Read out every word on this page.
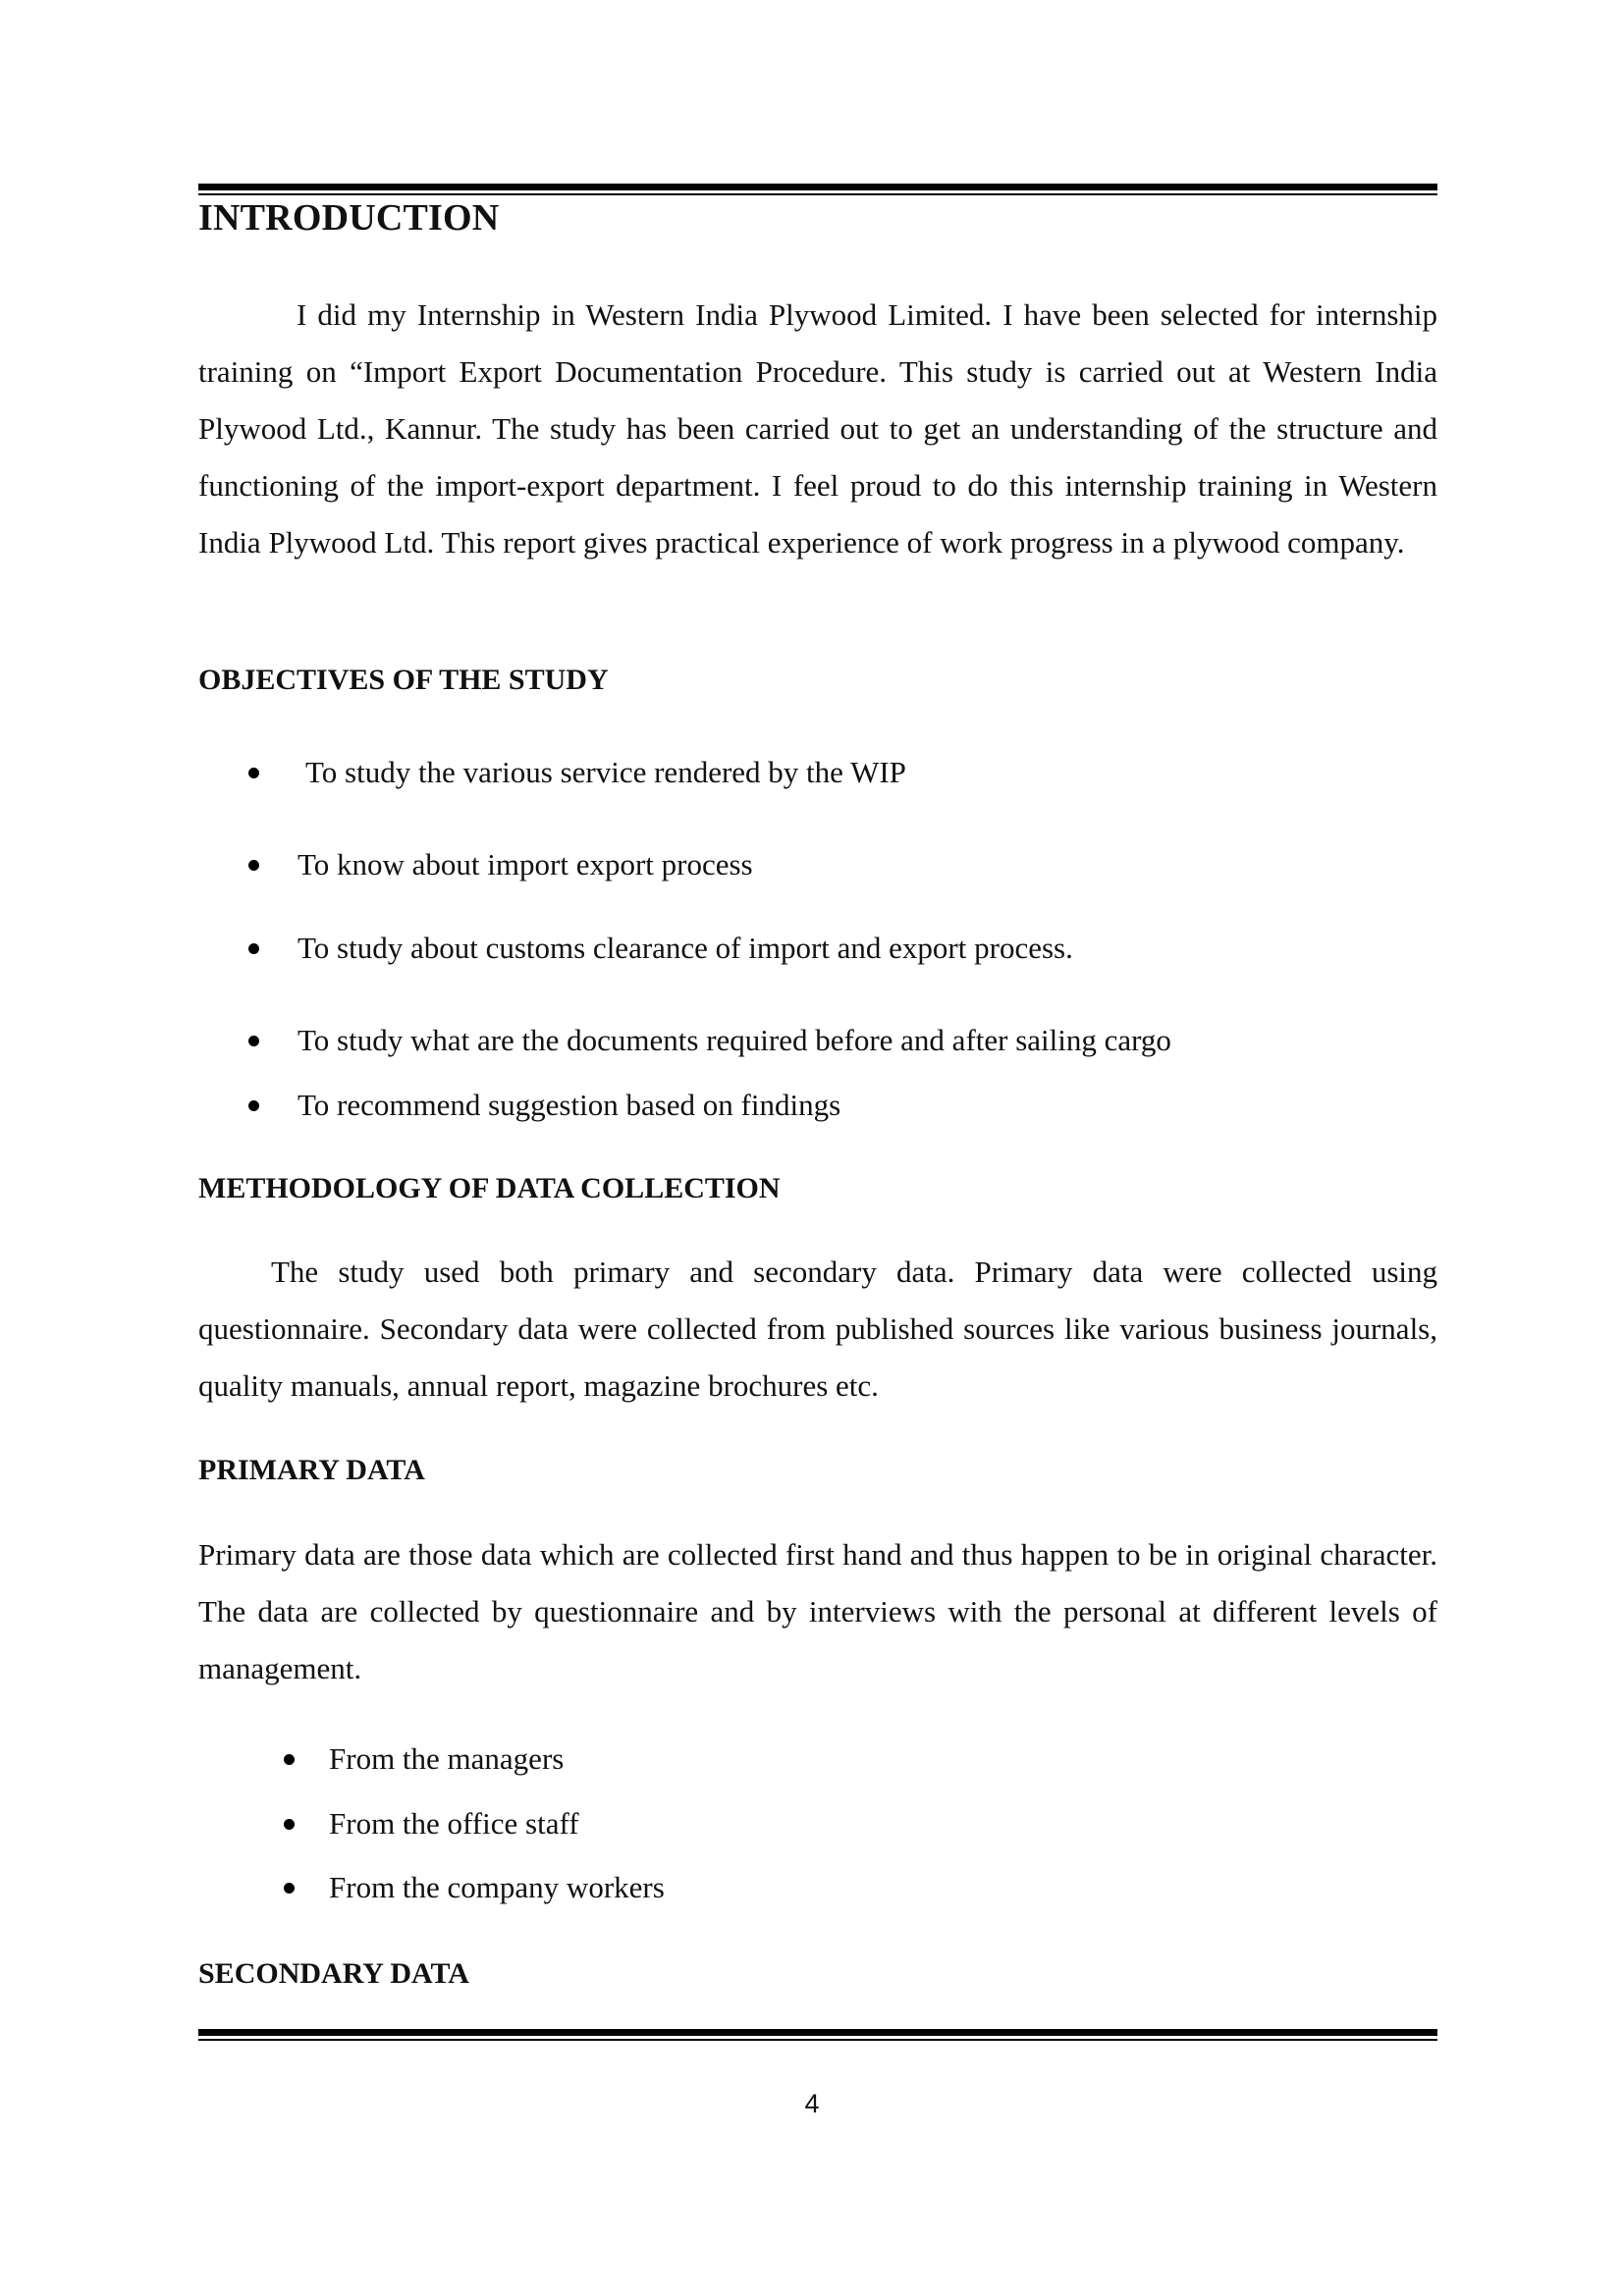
INTRODUCTION

I did my Internship in Western India Plywood Limited. I have been selected for internship training on “Import Export Documentation Procedure. This study is carried out at Western India Plywood Ltd., Kannur. The study has been carried out to get an understanding of the structure and functioning of the import-export department. I feel proud to do this internship training in Western India Plywood Ltd. This report gives practical experience of work progress in a plywood company.

OBJECTIVES OF THE STUDY

To study the various service rendered by the WIP

To know about import export process

To study about customs clearance of import and export process.

To study what are the documents required before and after sailing cargo

To recommend suggestion based on findings

METHODOLOGY OF DATA COLLECTION

The study used both primary and secondary data. Primary data were collected using questionnaire. Secondary data were collected from published sources like various business journals, quality manuals, annual report, magazine brochures etc.

PRIMARY DATA

Primary data are those data which are collected first hand and thus happen to be in original character. The data are collected by questionnaire and by interviews with the personal at different levels of management.

From the managers

From the office staff

From the company workers

SECONDARY DATA
4
